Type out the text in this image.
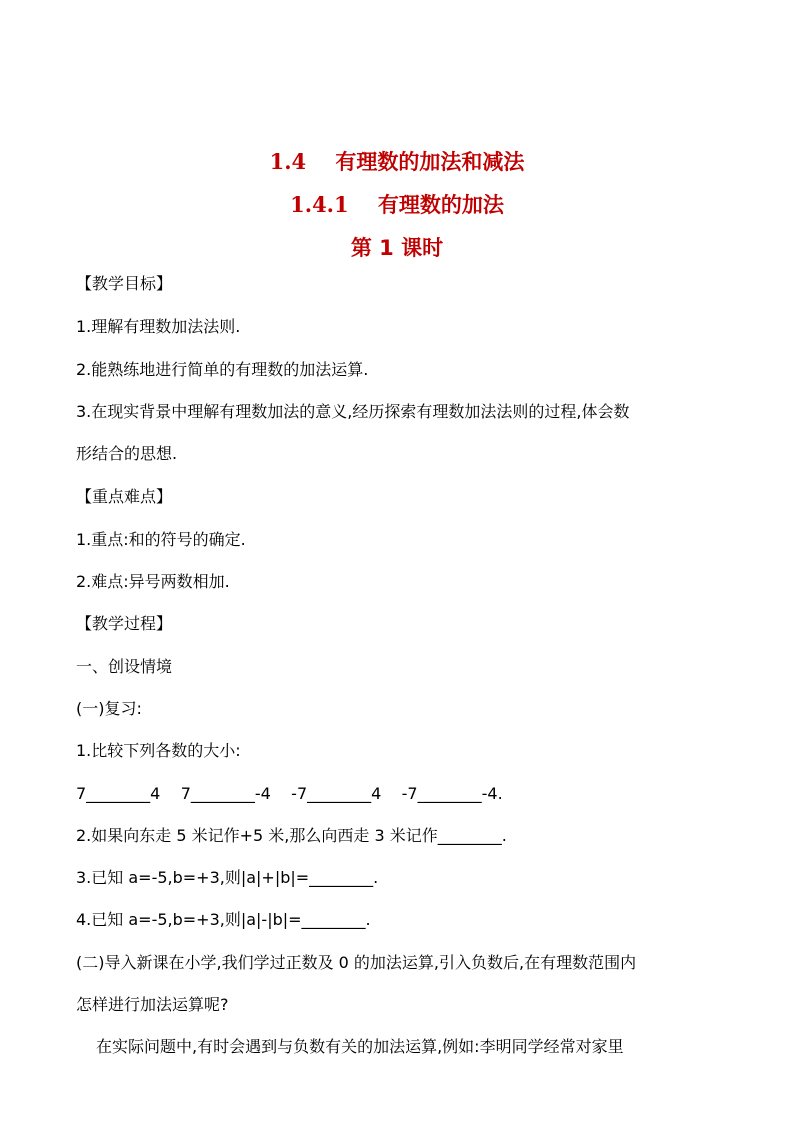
1.4 有理数的加法和减法
1.4.1 有理数的加法
第 1 课时
【教学目标】
1.理解有理数加法法则.
2.能熟练地进行简单的有理数的加法运算.
3.在现实背景中理解有理数加法的意义,经历探索有理数加法法则的过程,体会数
形结合的思想.
【重点难点】
1.重点:和的符号的确定.
2.难点:异号两数相加.
【教学过程】
一、创设情境
(一)复习:
1.比较下列各数的大小:
7________4    7________-4    -7________4    -7________-4.
2.如果向东走 5 米记作+5 米,那么向西走 3 米记作________.
3.已知 a=-5,b=+3,则|a|+|b|=________.
4.已知 a=-5,b=+3,则|a|-|b|=________.
(二)导入新课在小学,我们学过正数及 0 的加法运算,引入负数后,在有理数范围内
怎样进行加法运算呢?
在实际问题中,有时会遇到与负数有关的加法运算,例如:李明同学经常对家里
